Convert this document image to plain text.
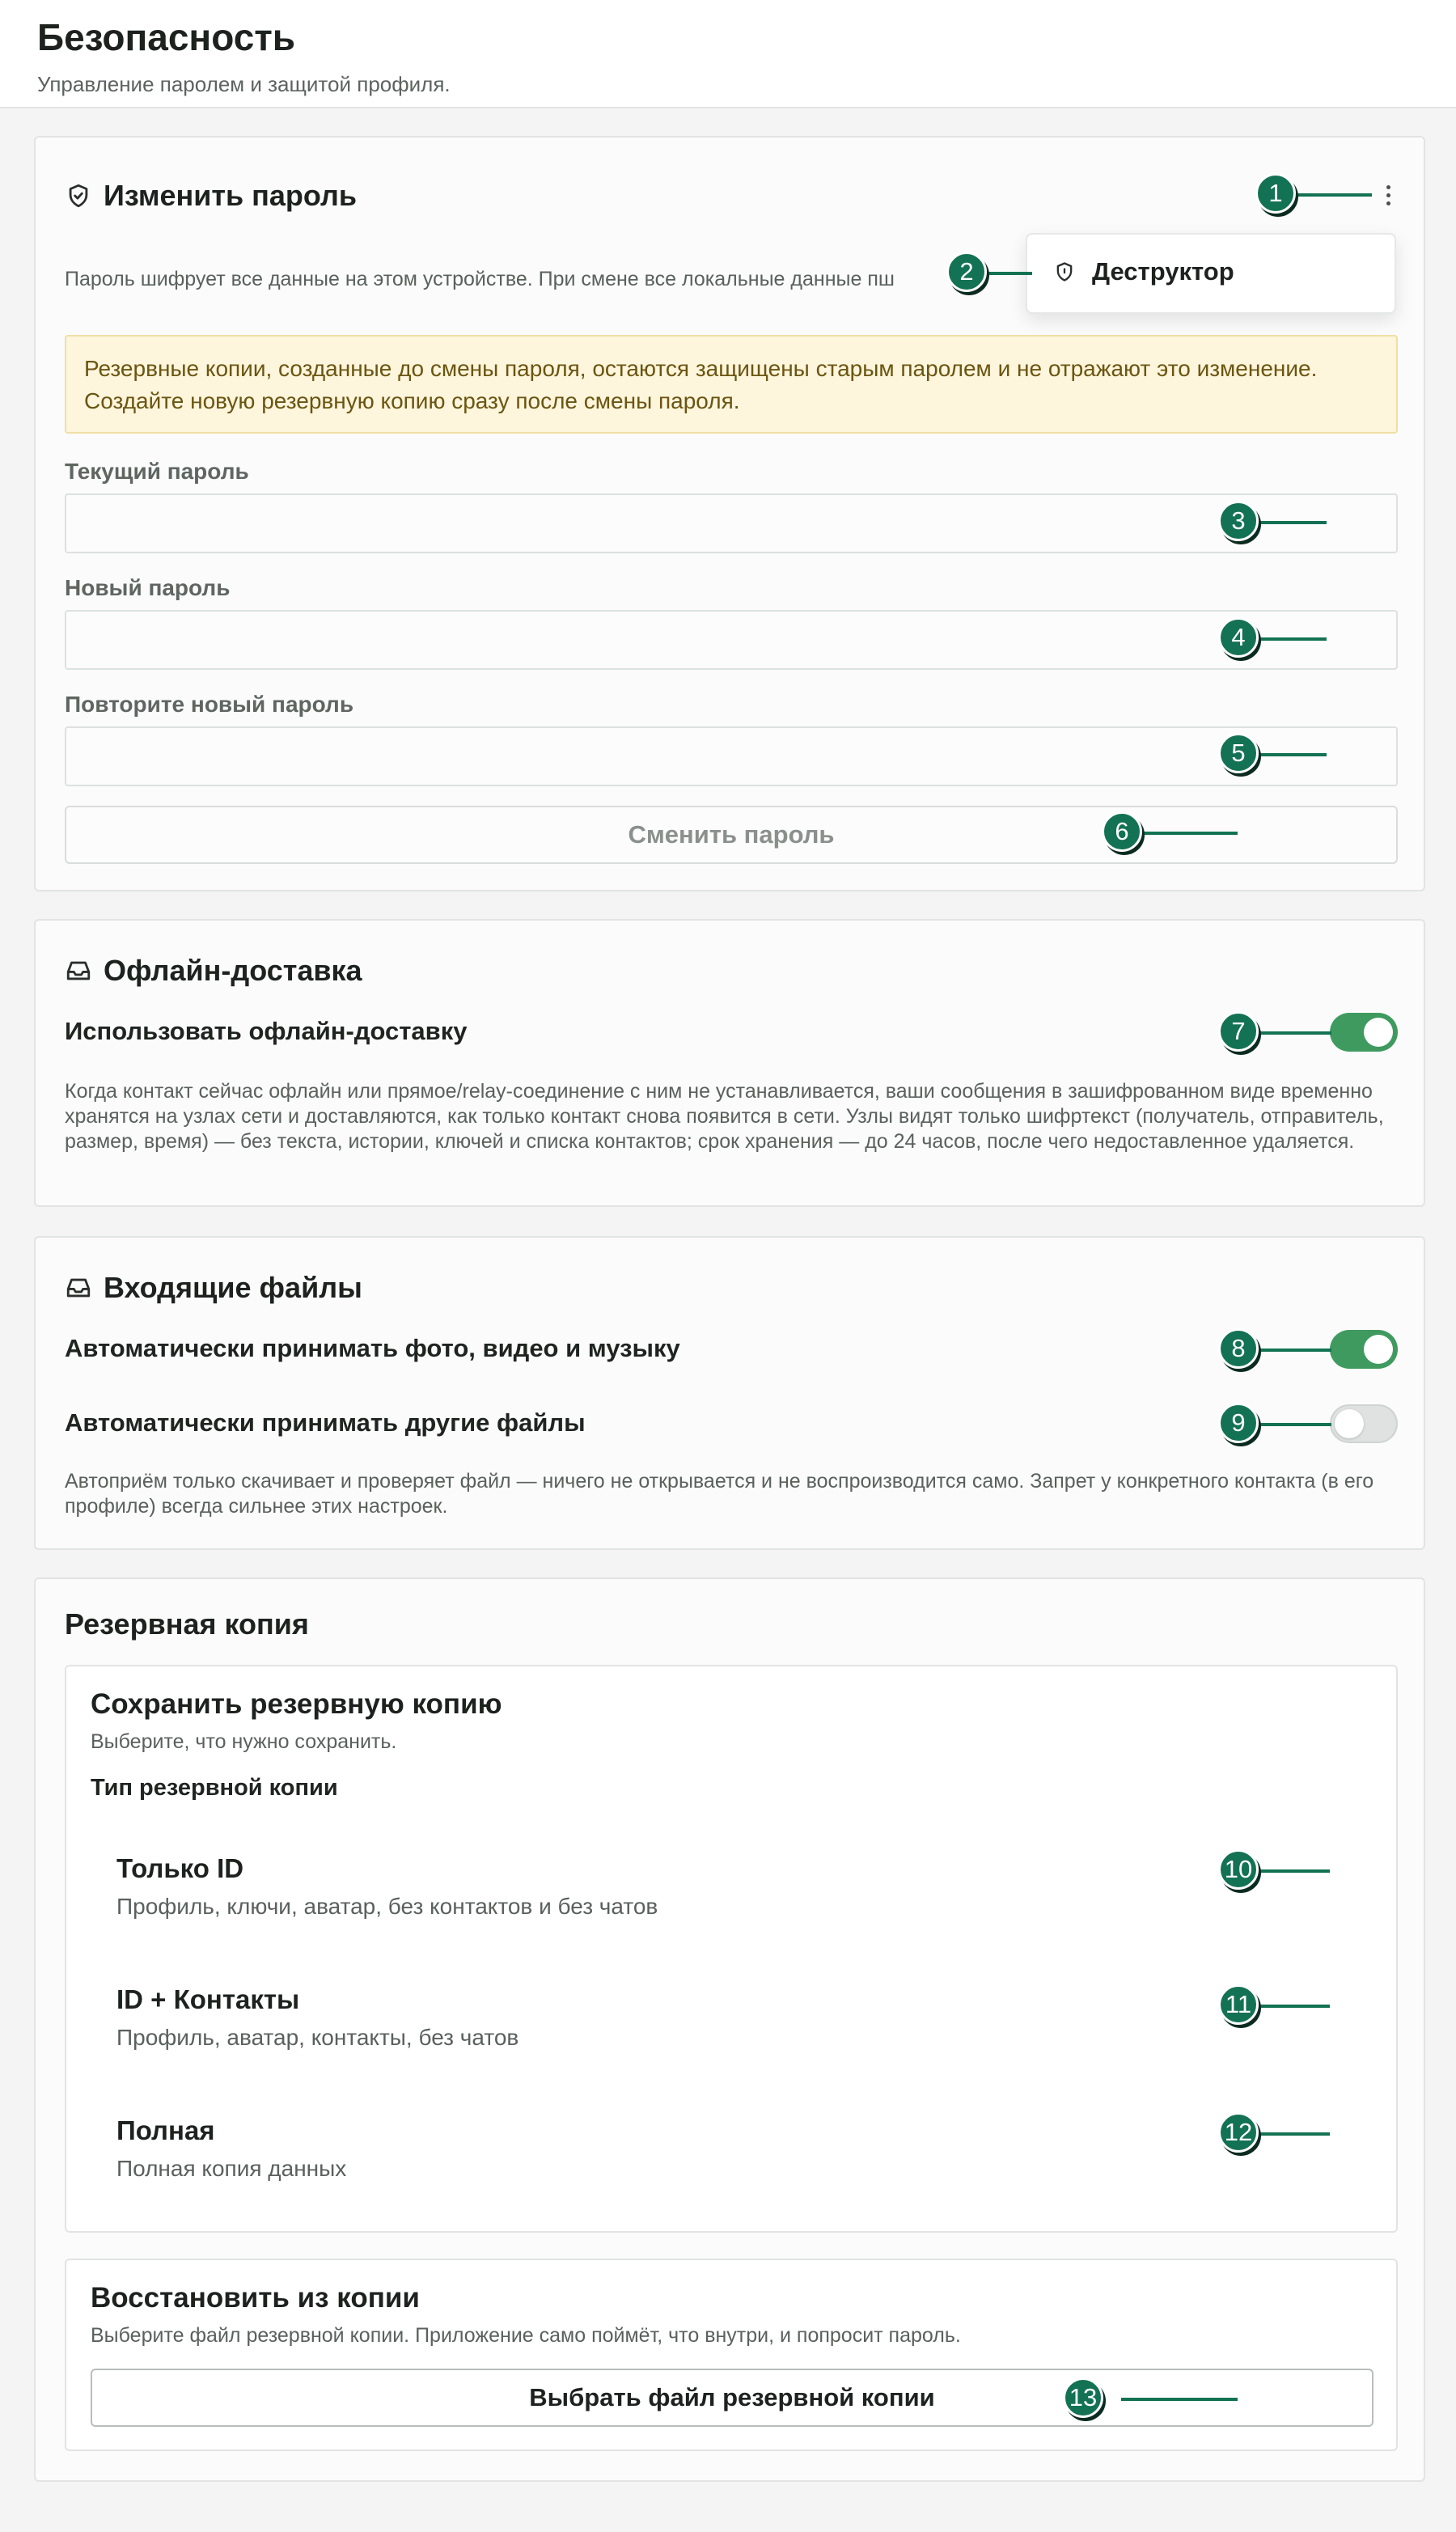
Безопасность
Управление паролем и защитой профиля.
Изменить пароль
Пароль шифрует все данные на этом устройстве. При смене все локальные данные пш
Резервные копии, созданные до смены пароля, остаются защищены старым паролем и не отражают это изменение. Создайте новую резервную копию сразу после смены пароля.
Текущий пароль
Новый пароль
Повторите новый пароль
Сменить пароль
Деструктор
Офлайн-доставка
Использовать офлайн-доставку
Когда контакт сейчас офлайн или прямое/relay-соединение с ним не устанавливается, ваши сообщения в зашифрованном виде временно хранятся на узлах сети и доставляются, как только контакт снова появится в сети. Узлы видят только шифртекст (получатель, отправитель, размер, время) — без текста, истории, ключей и списка контактов; срок хранения — до 24 часов, после чего недоставленное удаляется.
Входящие файлы
Автоматически принимать фото, видео и музыку
Автоматически принимать другие файлы
Автоприём только скачивает и проверяет файл — ничего не открывается и не воспроизводится само. Запрет у конкретного контакта (в его профиле) всегда сильнее этих настроек.
Резервная копия
Сохранить резервную копию
Выберите, что нужно сохранить.
Тип резервной копии
Только ID
Профиль, ключи, аватар, без контактов и без чатов
ID + Контакты
Профиль, аватар, контакты, без чатов
Полная
Полная копия данных
Восстановить из копии
Выберите файл резервной копии. Приложение само поймёт, что внутри, и попросит пароль.
Выбрать файл резервной копии
1
2
3
4
5
6
7
8
9
10
11
12
13
